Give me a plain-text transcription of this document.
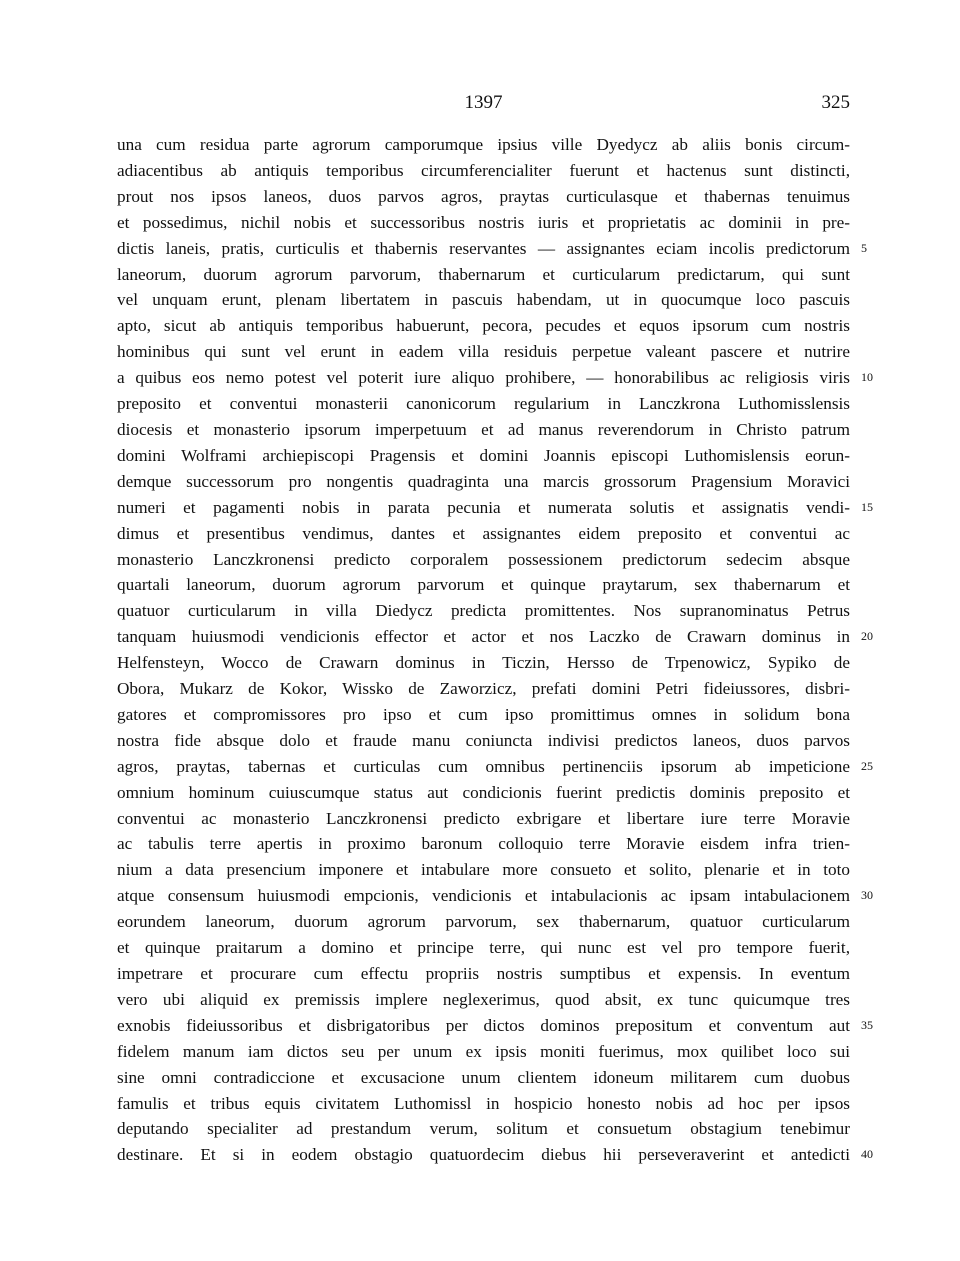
1397	325
una cum residua parte agrorum camporumque ipsius ville Dyedycz ab aliis bonis circum-
adiacentibus ab antiquis temporibus circumferencialiter fuerunt et hactenus sunt distincti,
prout nos ipsos laneos, duos parvos agros, praytas curticulasque et thabernas tenuimus
et possedimus, nichil nobis et successoribus nostris iuris et proprietatis ac dominii in pre-
dictis laneis, pratis, curticulis et thabernis reservantes — assignantes eciam incolis predictorum 5
laneorum, duorum agrorum parvorum, thabernarum et curticularum predictarum, qui sunt
vel unquam erunt, plenam libertatem in pascuis habendam, ut in quocumque loco pascuis
apto, sicut ab antiquis temporibus habuerunt, pecora, pecudes et equos ipsorum cum nostris
hominibus qui sunt vel erunt in eadem villa residuis perpetue valeant pascere et nutrire
a quibus eos nemo potest vel poterit iure aliquo prohibere, — honorabilibus ac religiosis viris 10
preposito et conventui monasterii canonicorum regularium in Lanczkrona Luthomisslensis
diocesis et monasterio ipsorum imperpetuum et ad manus reverendorum in Christo patrum
domini Wolframi archiepiscopi Pragensis et domini Joannis episcopi Luthomislensis eorun-
demque successorum pro nongentis quadraginta una marcis grossorum Pragensium Moravici
numeri et pagamenti nobis in parata pecunia et numerata solutis et assignatis vendi- 15
dimus et presentibus vendimus, dantes et assignantes eidem preposito et conventui ac
monasterio Lanczkronensi predicto corporalem possessionem predictorum sedecim absque
quartali laneorum, duorum agrorum parvorum et quinque praytarum, sex thabernarum et
quatuor curticularum in villa Diedycz predicta promittentes. Nos supranominatus Petrus
tanquam huiusmodi vendicionis effector et actor et nos Laczko de Crawarn dominus in 20
Helfensteyn, Wocco de Crawarn dominus in Ticzin, Hersso de Trpenowicz, Sypiko de
Obora, Mukarz de Kokor, Wissko de Zaworzicz, prefati domini Petri fideiussores, disbri-
gatores et compromissores pro ipso et cum ipso promittimus omnes in solidum bona
nostra fide absque dolo et fraude manu coniuncta indivisi predictos laneos, duos parvos
agros, praytas, tabernas et curticulas cum omnibus pertinenciis ipsorum ab impeticione 25
omnium hominum cuiuscumque status aut condicionis fuerint predictis dominis preposito et
conventui ac monasterio Lanczkronensi predicto exbrigare et libertare iure terre Moravie
ac tabulis terre apertis in proximo baronum colloquio terre Moravie eisdem infra trien-
nium a data presencium imponere et intabulare more consueto et solito, plenarie et in toto
atque consensum huiusmodi empcionis, vendicionis et intabulacionis ac ipsam intabulacionem 30
eorundem laneorum, duorum agrorum parvorum, sex thabernarum, quatuor curticularum
et quinque praitarum a domino et principe terre, qui nunc est vel pro tempore fuerit,
impetrare et procurare cum effectu propriis nostris sumptibus et expensis. In eventum
vero ubi aliquid ex premissis implere neglexerimus, quod absit, ex tunc quicumque tres
exnobis fideiussoribus et disbrigatoribus per dictos dominos prepositum et conventum aut 35
fidelem manum iam dictos seu per unum ex ipsis moniti fuerimus, mox quilibet loco sui
sine omni contradiccione et excusacione unum clientem idoneum militarem cum duobus
famulis et tribus equis civitatem Luthomissl in hospicio honesto nobis ad hoc per ipsos
deputando specialiter ad prestandum verum, solitum et consuetum obstagium tenebimur
destinare. Et si in eodem obstagio quatuordecim diebus hii perseveraverint et antedicti 40
